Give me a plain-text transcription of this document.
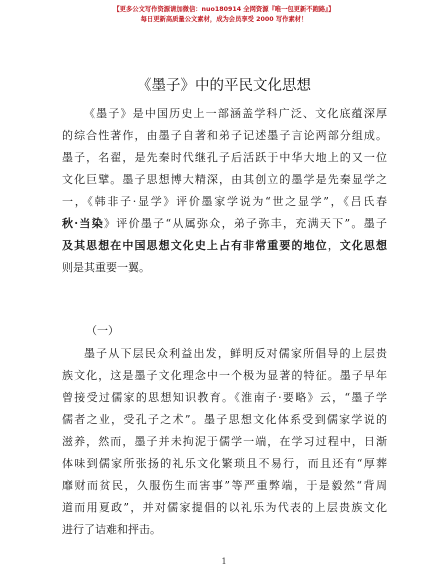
【更多公文写作资源请加微信：nuo180914 全网资源『唯一包更新不跑路』】
每日更新高质量公文素材，成为会员享受 2000 写作素材！
《墨子》中的平民文化思想
《墨子》是中国历史上一部涵盖学科广泛、文化底蕴深厚
的综合性著作，由墨子自著和弟子记述墨子言论两部分组成。
墨子，名翟，是先秦时代继孔子后活跃于中华大地上的又一位
文化巨擘。墨子思想博大精深，由其创立的墨学是先秦显学之
一，《韩非子·显学》评价墨家学说为“世之显学”，《吕氏春
秋·当染》评价墨子“从属弥众，弟子弥丰，充满天下”。墨子
及其思想在中国思想文化史上占有非常重要的地位，文化思想
则是其重要一翼。
（一）
墨子从下层民众利益出发，鲜明反对儒家所倡导的上层贵
族文化，这是墨子文化理念中一个极为显著的特征。墨子早年
曾接受过儒家的思想知识教育。《淮南子·要略》云，“墨子学
儒者之业，受孔子之术”。墨子思想文化体系受到儒家学说的
滋养，然而，墨子并未拘泥于儒学一端，在学习过程中，日渐
体味到儒家所张扬的礼乐文化繁琐且不易行，而且还有“厚葬
靡财而贫民，久服伤生而害事”等严重弊端，于是毅然“背周
道而用夏政”，并对儒家提倡的以礼乐为代表的上层贵族文化
进行了诘难和抨击。
1
